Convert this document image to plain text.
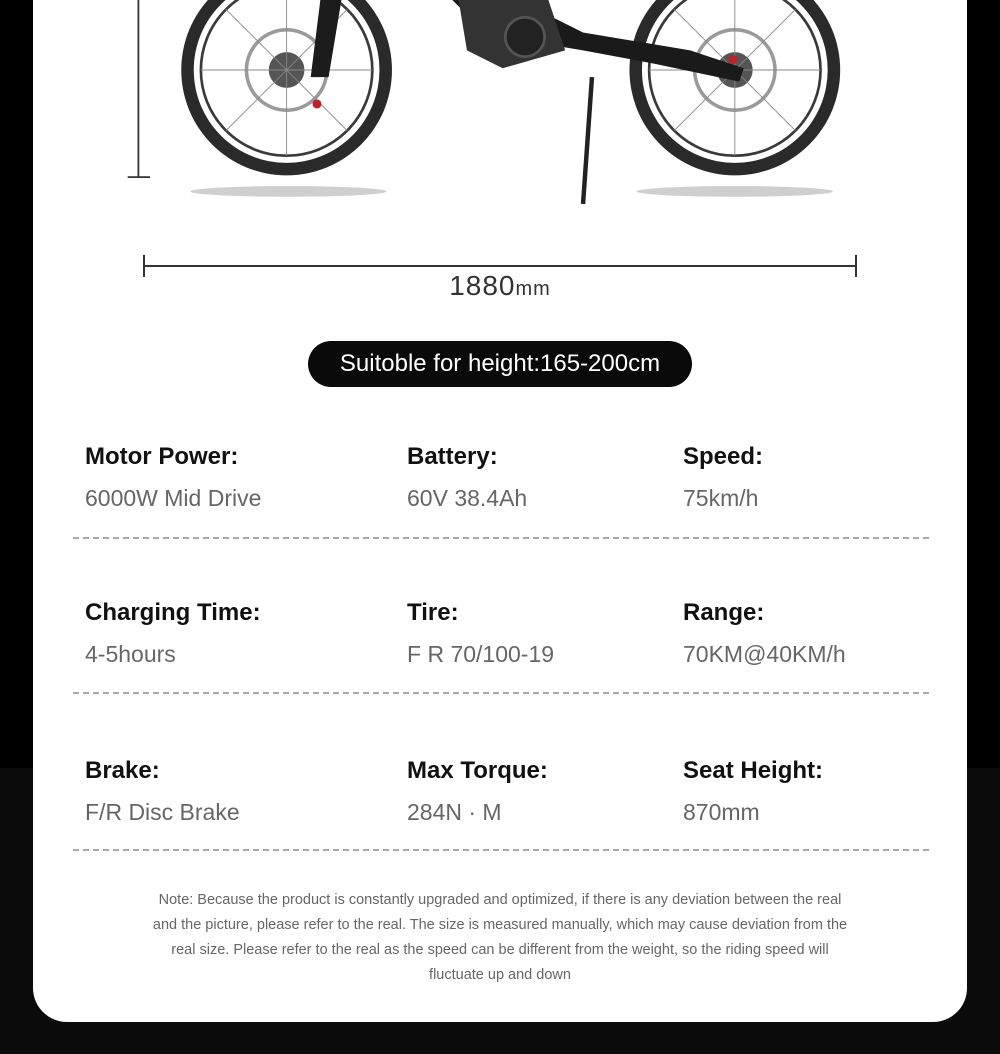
1880mm
Suitoble for height:165-200cm
Motor Power:
6000W Mid Drive
Battery:
60V 38.4Ah
Speed:
75km/h
Charging Time:
4-5hours
Tire:
F R 70/100-19
Range:
70KM@40KM/h
Brake:
F/R Disc Brake
Max Torque:
284N · M
Seat Height:
870mm
Note: Because the product is constantly upgraded and optimized, if there is any deviation between the real and the picture, please refer to the real. The size is measured manually, which may cause deviation from the real size. Please refer to the real as the speed can be different from the weight, so the riding speed will fluctuate up and down
